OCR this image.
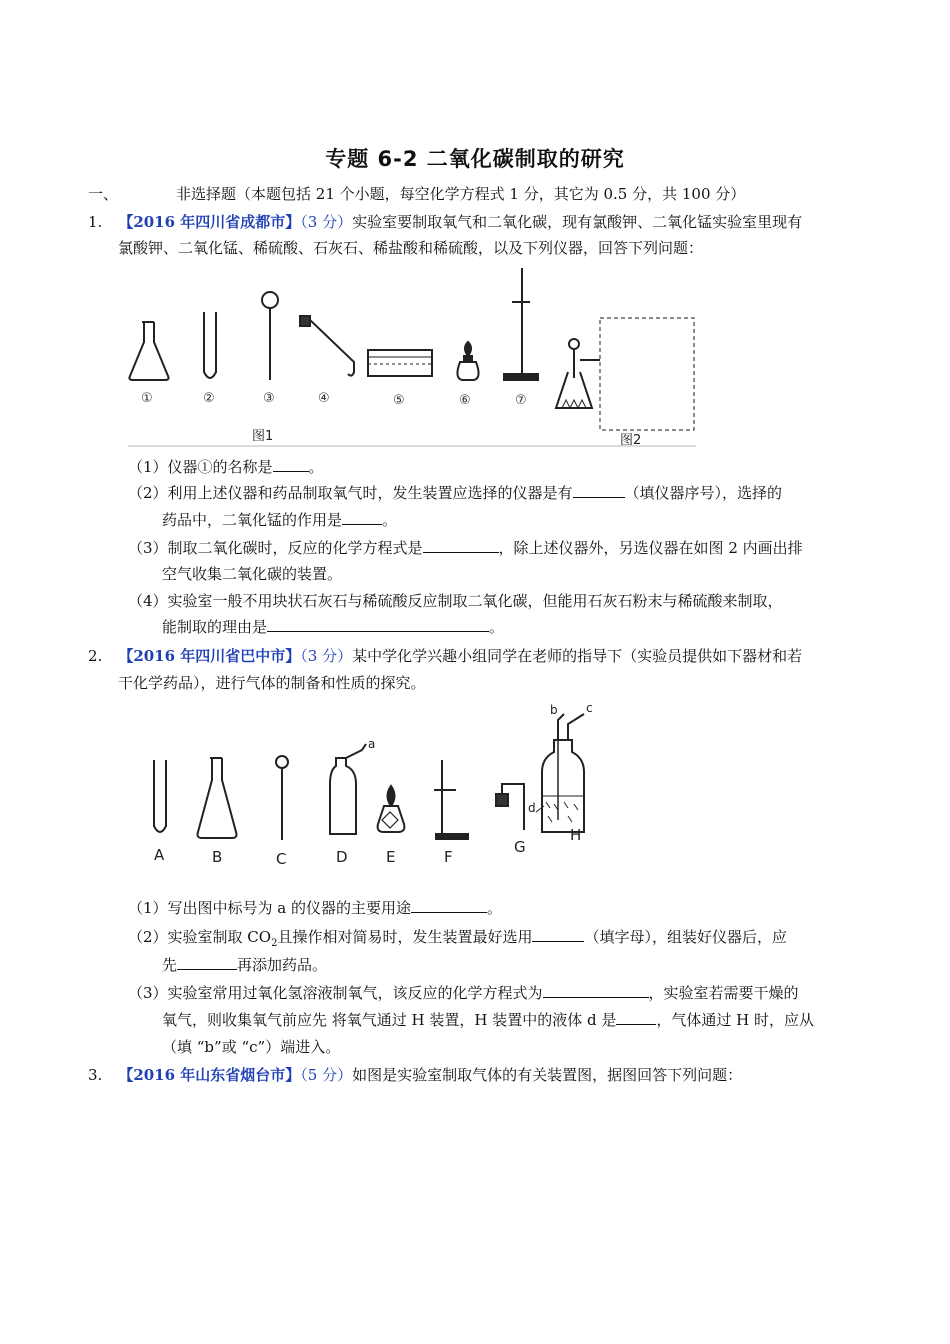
专题 6-2 二氧化碳制取的研究
一、	非选择题（本题包括 21 个小题，每空化学方程式 1 分，其它为 0.5 分，共 100 分）
1. 【2016 年四川省成都市】（3 分）实验室要制取氧气和二氧化碳，现有氯酸钾、二氧化锰实验室里现有
氯酸钾、二氧化锰、稀硫酸、石灰石、稀盐酸和稀硫酸，以及下列仪器，回答下列问题：
①	②	③	④	⑤	⑥	⑦
图1	图2
（1）仪器①的名称是 。
（2）利用上述仪器和药品制取氧气时，发生装置应选择的仪器是有	（填仪器序号），选择的
药品中，二氧化锰的作用是	。
（3）制取二氧化碳时，反应的化学方程式是	，除上述仪器外，另选仪器在如图 2 内画出排
空气收集二氧化碳的装置。
（4）实验室一般不用块状石灰石与稀硫酸反应制取二氧化碳，但能用石灰石粉末与稀硫酸来制取，
能制取的理由是	。
2. 【2016 年四川省巴中市】（3 分）某中学化学兴趣小组同学在老师的指导下（实验员提供如下器材和若
干化学药品），进行气体的制备和性质的探究。
A	B	C	D	E	F
G
H
a
b c
d
（1）写出图中标号为 a 的仪器的主要用途	。
（2）实验室制取 $CO_2$且操作相对简易时，发生装置最好选用	（填字母），组装好仪器后，应
先	再添加药品。
（3）实验室常用过氧化氢溶液制氧气，该反应的化学方程式为	，实验室若需要干燥的
氧气，则收集氧气前应先 将氧气通过 H 装置，H 装置中的液体 d 是	，气体通过 H 时，应从
（填 “b”或 “c”）端进入。
3. 【2016 年山东省烟台市】（5 分）如图是实验室制取气体的有关装置图，据图回答下列问题：
